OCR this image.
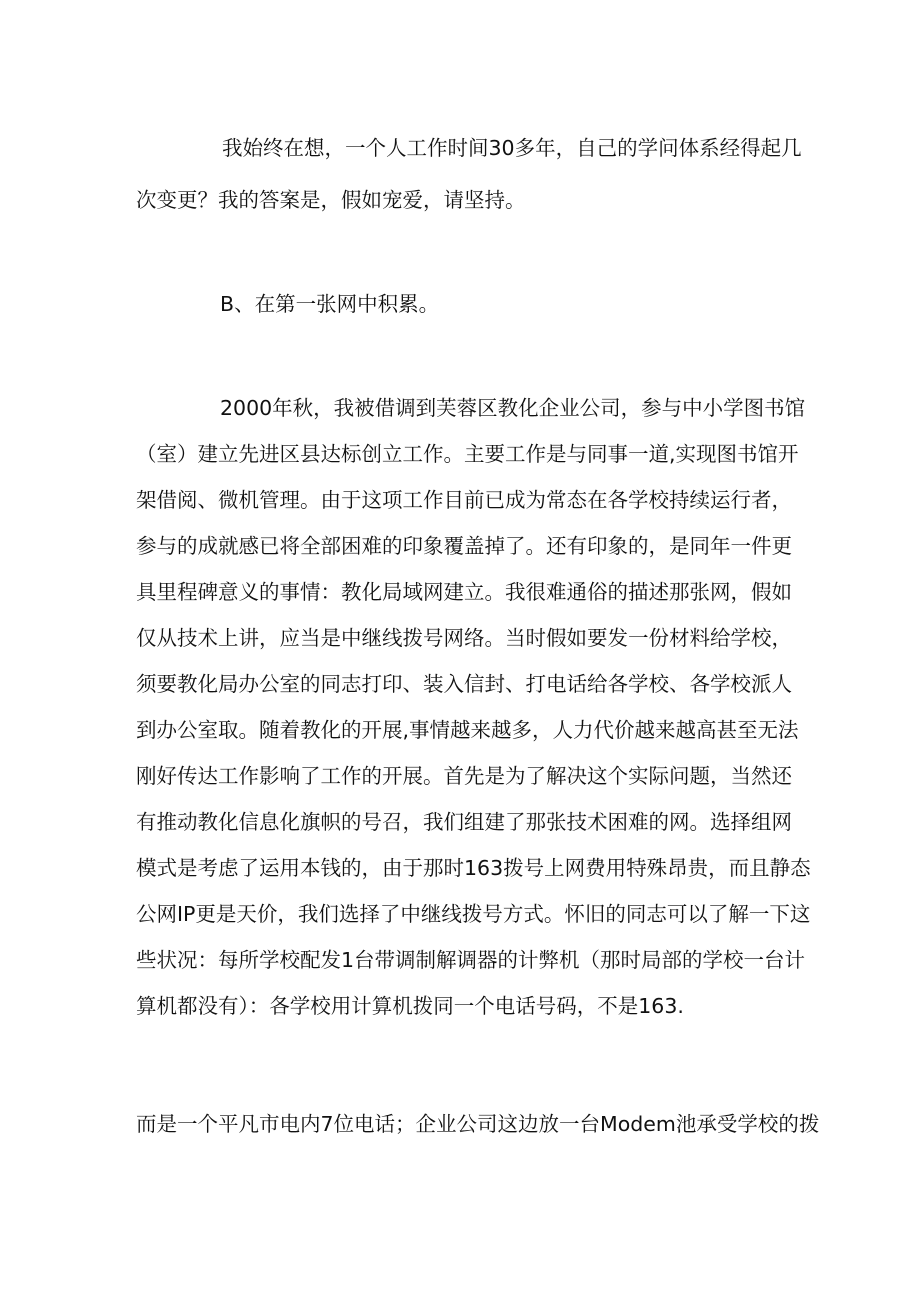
我始终在想，一个人工作时间30多年，自己的学问体系经得起几

次变更？我的答案是，假如宠爱，请坚持。

B、在第一张网中积累。

2000年秋，我被借调到芙蓉区教化企业公司，参与中小学图书馆

（室）建立先进区县达标创立工作。主要工作是与同事一道,实现图书馆开

架借阅、微机管理。由于这项工作目前已成为常态在各学校持续运行者，

参与的成就感已将全部困难的印象覆盖掉了。还有印象的，是同年一件更

具里程碑意义的事情：教化局域网建立。我很难通俗的描述那张网，假如

仅从技术上讲，应当是中继线拨号网络。当时假如要发一份材料给学校，

须要教化局办公室的同志打印、装入信封、打电话给各学校、各学校派人

到办公室取。随着教化的开展,事情越来越多，人力代价越来越高甚至无法

刚好传达工作影响了工作的开展。首先是为了解决这个实际问题，当然还

有推动教化信息化旗帜的号召，我们组建了那张技术困难的网。选择组网

模式是考虑了运用本钱的，由于那时163拨号上网费用特殊昂贵，而且静态

公网IP更是天价，我们选择了中继线拨号方式。怀旧的同志可以了解一下这

些状况：每所学校配发1台带调制解调器的计弊机（那时局部的学校一台计

算机都没有）：各学校用计算机拨同一个电话号码，不是163.

而是一个平凡市电内7位电话；企业公司这边放一台Modem池承受学校的拨
